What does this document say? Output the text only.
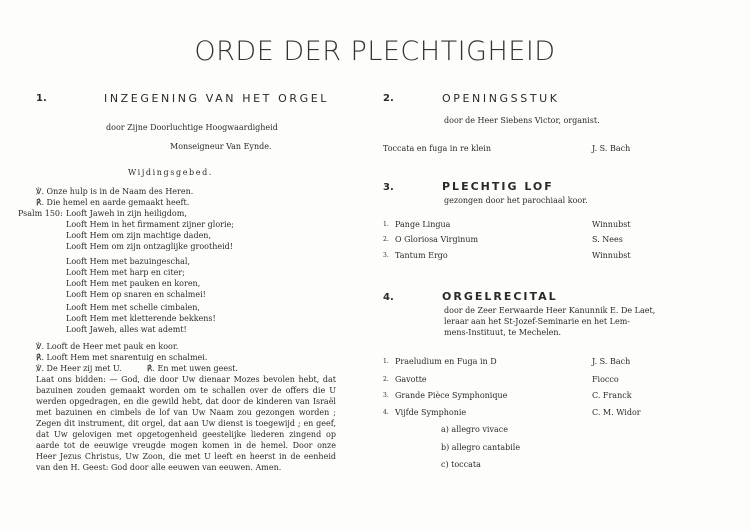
ORDE DER PLECHTIGHEID
1.	INZEGENING VAN HET ORGEL
door Zijne Doorluchtige Hoogwaardigheid
Monseigneur Van Eynde.
Wijdingsgebed.
℣. Onze hulp is in de Naam des Heren.
℟. Die hemel en aarde gemaakt heeft.
Psalm 150: Looft Jaweh in zijn heiligdom,
Looft Hem in het firmament zijner glorie;
Looft Hem om zijn machtige daden,
Looft Hem om zijn ontzaglijke grootheid!
Looft Hem met bazuingeschal,
Looft Hem met harp en citer;
Looft Hem met pauken en koren,
Looft Hem op snaren en schalmei!
Looft Hem met schelle cimbalen,
Looft Hem met kletterende bekkens!
Looft Jaweh, alles wat ademt!
℣. Looft de Heer met pauk en koor.
℟. Looft Hem met snarentuig en schalmei.
℣. De Heer zij met U.          ℟. En met uwen geest.
Laat ons bidden: — God, die door Uw dienaar Mozes bevolen hebt, dat bazuinen zouden gemaakt worden om te schallen over de offers die U werden opgedragen, en die gewild hebt, dat door de kinderen van Israël met bazuinen en cimbels de lof van Uw Naam zou gezongen worden ; Zegen dit instrument, dit orgel, dat aan Uw dienst is toegewijd ; en geef, dat Uw gelovigen met opgetogenheid geestelijke liederen zingend op aarde tot de eeuwige vreugde mogen komen in de hemel. Door onze Heer Jezus Christus, Uw Zoon, die met U leeft en heerst in de eenheid van den H. Geest: God door alle eeuwen van eeuwen. Amen.
2.	OPENINGSSTUK
door de Heer Siebens Victor, organist.
Toccata en fuga in re klein	J. S. Bach
3.	PLECHTIG LOF
gezongen door het parochiaal koor.
1. Pange Lingua	Winnubst
2. O Gloriosa Virginum	S. Nees
3. Tantum Ergo	Winnubst
4.	ORGELRECITAL
door de Zeer Eerwaarde Heer Kanunnik E. De Laet,
leraar aan het St-Jozef-Seminarie en het Lem-
mens-Instituut, te Mechelen.
1. Praeludium en Fuga in D	J. S. Bach
2. Gavotte	Fiocco
3. Grande Pièce Symphonique	C. Franck
4. Vijfde Symphonie	C. M. Widor
a) allegro vivace
b) allegro cantabile
c) toccata
